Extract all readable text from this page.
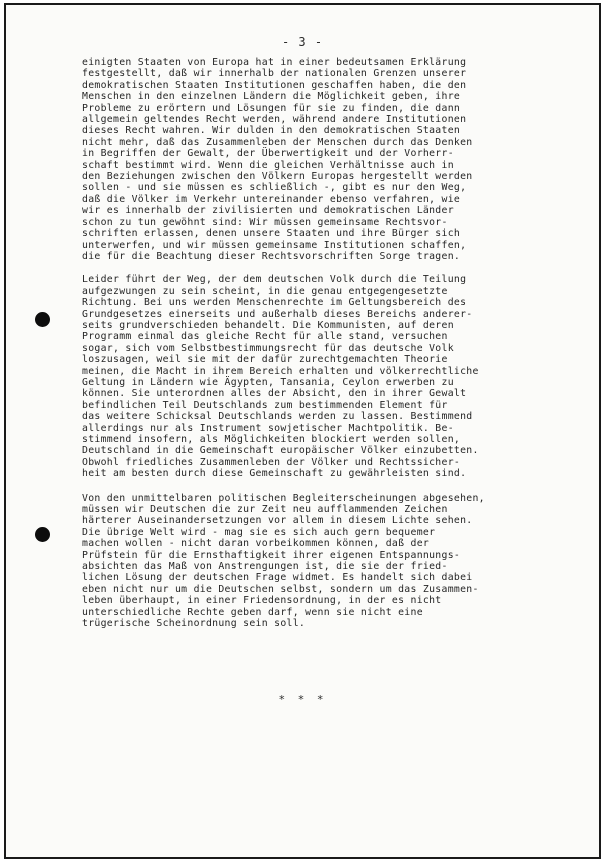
- 3 -
einigten Staaten von Europa hat in einer bedeutsamen Erklärung
festgestellt, daß wir innerhalb der nationalen Grenzen unserer
demokratischen Staaten Institutionen geschaffen haben, die den
Menschen in den einzelnen Ländern die Möglichkeit geben, ihre
Probleme zu erörtern und Lösungen für sie zu finden, die dann
allgemein geltendes Recht werden, während andere Institutionen
dieses Recht wahren. Wir dulden in den demokratischen Staaten
nicht mehr, daß das Zusammenleben der Menschen durch das Denken
in Begriffen der Gewalt, der Überwertigkeit und der Vorherr-
schaft bestimmt wird. Wenn die gleichen Verhältnisse auch in
den Beziehungen zwischen den Völkern Europas hergestellt werden
sollen - und sie müssen es schließlich -, gibt es nur den Weg,
daß die Völker im Verkehr untereinander ebenso verfahren, wie
wir es innerhalb der zivilisierten und demokratischen Länder
schon zu tun gewöhnt sind: Wir müssen gemeinsame Rechtsvor-
schriften erlassen, denen unsere Staaten und ihre Bürger sich
unterwerfen, und wir müssen gemeinsame Institutionen schaffen,
die für die Beachtung dieser Rechtsvorschriften Sorge tragen.
Leider führt der Weg, der dem deutschen Volk durch die Teilung
aufgezwungen zu sein scheint, in die genau entgegengesetzte
Richtung. Bei uns werden Menschenrechte im Geltungsbereich des
Grundgesetzes einerseits und außerhalb dieses Bereichs anderer-
seits grundverschieden behandelt. Die Kommunisten, auf deren
Programm einmal das gleiche Recht für alle stand, versuchen
sogar, sich vom Selbstbestimmungsrecht für das deutsche Volk
loszusagen, weil sie mit der dafür zurechtgemachten Theorie
meinen, die Macht in ihrem Bereich erhalten und völkerrechtliche
Geltung in Ländern wie Ägypten, Tansania, Ceylon erwerben zu
können. Sie unterordnen alles der Absicht, den in ihrer Gewalt
befindlichen Teil Deutschlands zum bestimmenden Element für
das weitere Schicksal Deutschlands werden zu lassen. Bestimmend
allerdings nur als Instrument sowjetischer Machtpolitik. Be-
stimmend insofern, als Möglichkeiten blockiert werden sollen,
Deutschland in die Gemeinschaft europäischer Völker einzubetten.
Obwohl friedliches Zusammenleben der Völker und Rechtssicher-
heit am besten durch diese Gemeinschaft zu gewährleisten sind.
Von den unmittelbaren politischen Begleiterscheinungen abgesehen,
müssen wir Deutschen die zur Zeit neu aufflammenden Zeichen
härterer Auseinandersetzungen vor allem in diesem Lichte sehen.
Die übrige Welt wird - mag sie es sich auch gern bequemer
machen wollen - nicht daran vorbeikommen können, daß der
Prüfstein für die Ernsthaftigkeit ihrer eigenen Entspannungs-
absichten das Maß von Anstrengungen ist, die sie der fried-
lichen Lösung der deutschen Frage widmet. Es handelt sich dabei
eben nicht nur um die Deutschen selbst, sondern um das Zusammen-
leben überhaupt, in einer Friedensordnung, in der es nicht
unterschiedliche Rechte geben darf, wenn sie nicht eine
trügerische Scheinordnung sein soll.
* * *
